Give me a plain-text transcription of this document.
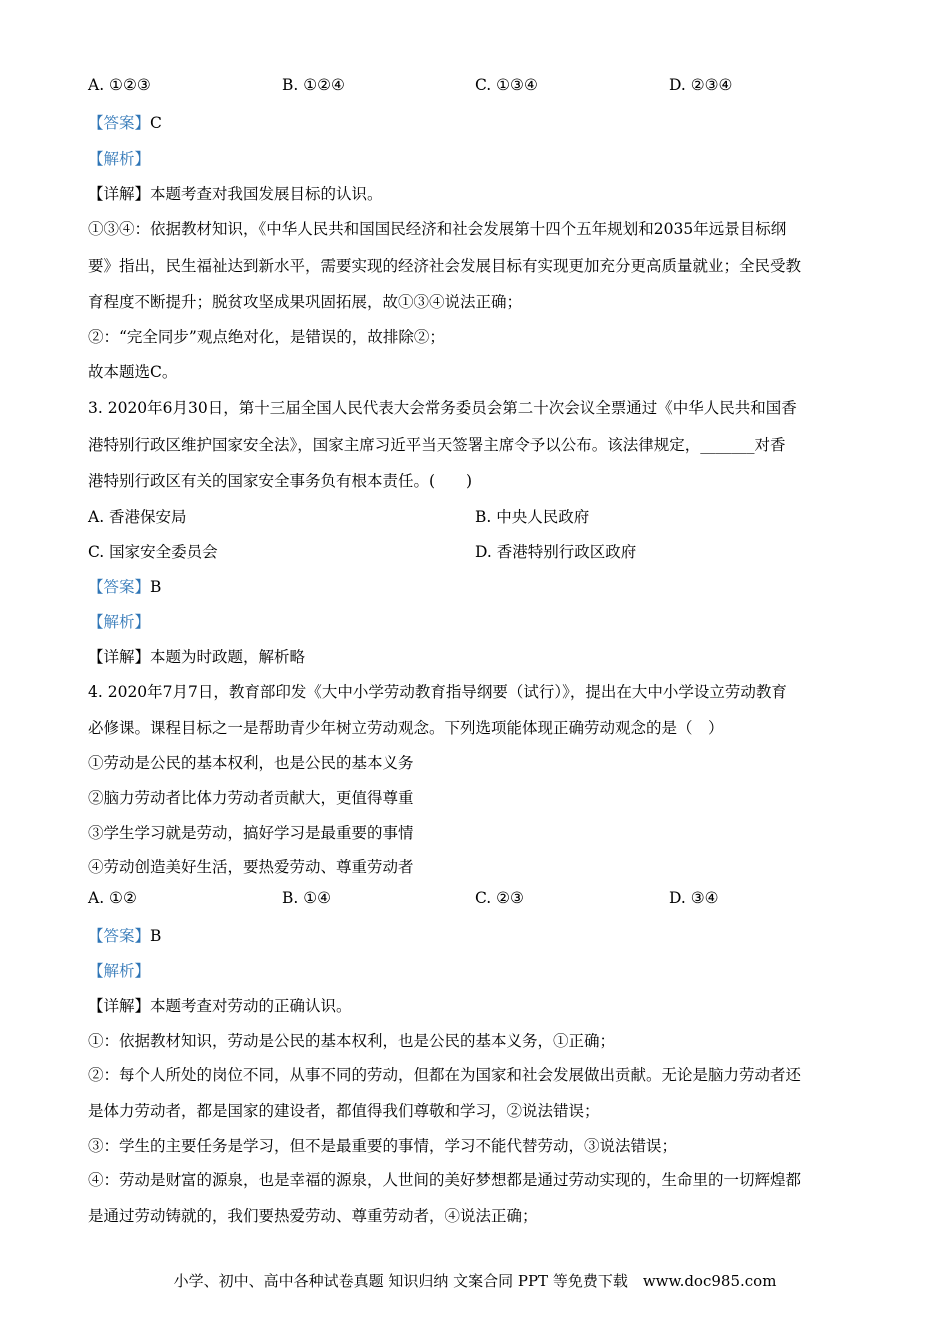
A. ①②③	B. ①②④	C. ①③④	D. ②③④
【答案】C
【解析】
【详解】本题考查对我国发展目标的认识。
①③④：依据教材知识，《中华人民共和国国民经济和社会发展第十四个五年规划和2035年远景目标纲
要》指出，民生福祉达到新水平，需要实现的经济社会发展目标有实现更加充分更高质量就业；全民受教
育程度不断提升；脱贫攻坚成果巩固拓展，故①③④说法正确；
②：“完全同步”观点绝对化，是错误的，故排除②；
故本题选C。
3. 2020年6月30日，第十三届全国人民代表大会常务委员会第二十次会议全票通过《中华人民共和国香
港特别行政区维护国家安全法》，国家主席习近平当天签署主席令予以公布。该法律规定，_______对香
港特别行政区有关的国家安全事务负有根本责任。(　　)
A. 香港保安局	B. 中央人民政府
C. 国家安全委员会	D. 香港特别行政区政府
【答案】B
【解析】
【详解】本题为时政题，解析略
4. 2020年7月7日，教育部印发《大中小学劳动教育指导纲要（试行）》，提出在大中小学设立劳动教育
必修课。课程目标之一是帮助青少年树立劳动观念。下列选项能体现正确劳动观念的是（　）
①劳动是公民的基本权利，也是公民的基本义务
②脑力劳动者比体力劳动者贡献大，更值得尊重
③学生学习就是劳动，搞好学习是最重要的事情
④劳动创造美好生活，要热爱劳动、尊重劳动者
A. ①②	B. ①④	C. ②③	D. ③④
【答案】B
【解析】
【详解】本题考查对劳动的正确认识。
①：依据教材知识，劳动是公民的基本权利，也是公民的基本义务，①正确；
②：每个人所处的岗位不同，从事不同的劳动，但都在为国家和社会发展做出贡献。无论是脑力劳动者还
是体力劳动者，都是国家的建设者，都值得我们尊敬和学习，②说法错误；
③：学生的主要任务是学习，但不是最重要的事情，学习不能代替劳动，③说法错误；
④：劳动是财富的源泉，也是幸福的源泉，人世间的美好梦想都是通过劳动实现的，生命里的一切辉煌都
是通过劳动铸就的，我们要热爱劳动、尊重劳动者，④说法正确；
小学、初中、高中各种试卷真题 知识归纳 文案合同 PPT 等免费下载　www.doc985.com
